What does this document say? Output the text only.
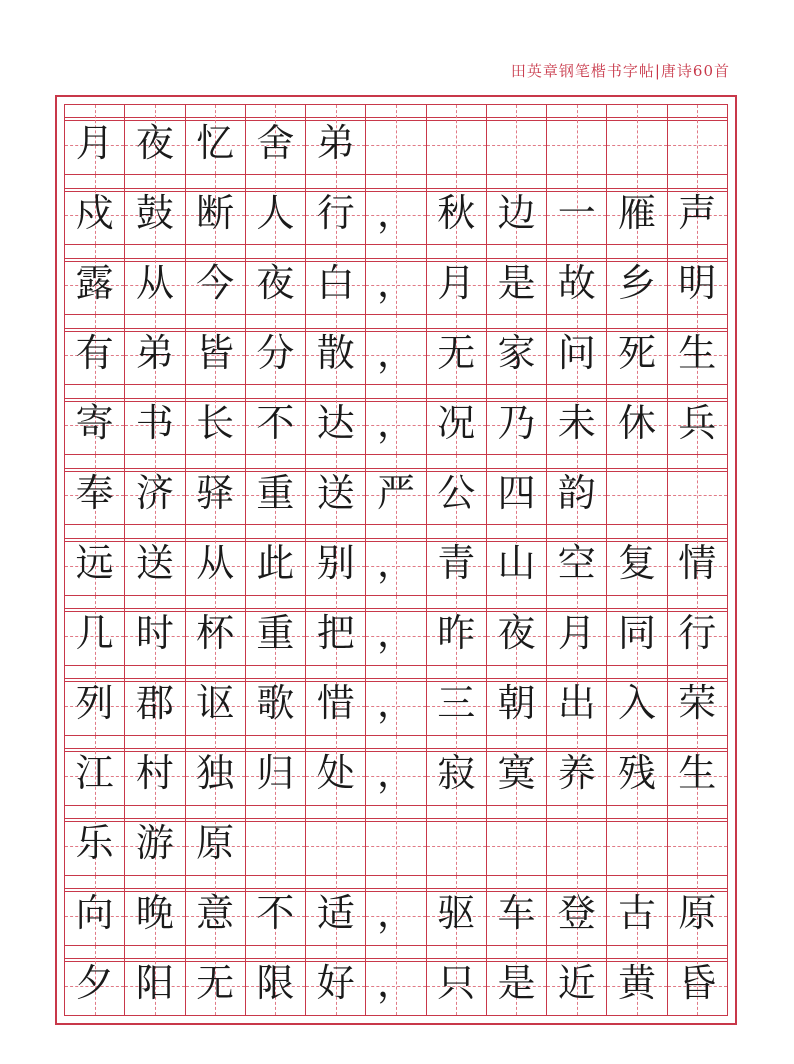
田英章钢笔楷书字帖|唐诗60首
月 夜 忆 舍 弟
戍 鼓 断 人 行 ， 秋 边 一 雁 声
露 从 今 夜 白 ， 月 是 故 乡 明
有 弟 皆 分 散 ， 无 家 问 死 生
寄 书 长 不 达 ， 况 乃 未 休 兵
奉 济 驿 重 送 严 公 四 韵
远 送 从 此 别 ， 青 山 空 复 情
几 时 杯 重 把 ， 昨 夜 月 同 行
列 郡 讴 歌 惜 ， 三 朝 出 入 荣
江 村 独 归 处 ， 寂 寞 养 残 生
乐 游 原
向 晚 意 不 适 ， 驱 车 登 古 原
夕 阳 无 限 好 ， 只 是 近 黄 昏
